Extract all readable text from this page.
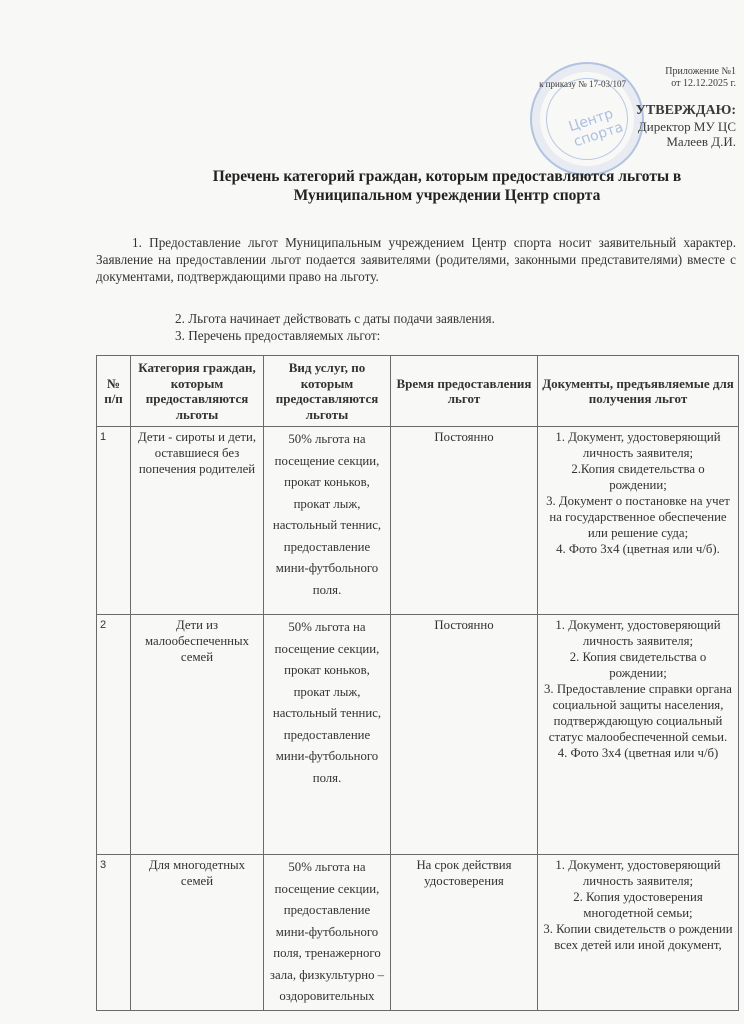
Центр спорта
Приложение №1
к приказу № 17-03/107	от 12.12.2025 г.
УТВЕРЖДАЮ:
Директор МУ ЦС
Малеев Д.И.
Перечень категорий граждан, которым предоставляются льготы в Муниципальном учреждении Центр спорта
1. Предоставление льгот Муниципальным учреждением Центр спорта носит заявительный характер. Заявление на предоставлении льгот подается заявителями (родителями, законными представителями) вместе с документами, подтверждающими право на льготу.
2. Льгота начинает действовать с даты подачи заявления.
3. Перечень предоставляемых льгот:
№ п/п	Категория граждан, которым предоставляются льготы	Вид услуг, по которым предоставляются льготы	Время предоставления льгот	Документы, предъявляемые для получения льгот
1	Дети - сироты и дети, оставшиеся без попечения родителей	50% льгота на посещение секции, прокат коньков, прокат лыж, настольный теннис, предоставление мини-футбольного поля.	Постоянно	1. Документ, удостоверяющий личность заявителя;
2.Копия свидетельства о рождении;
3. Документ о постановке на учет на государственное обеспечение или решение суда;
4. Фото 3х4 (цветная или ч/б).

2	Дети из малообеспеченных семей	50% льгота на посещение секции, прокат коньков, прокат лыж, настольный теннис, предоставление мини-футбольного поля.	Постоянно	1. Документ, удостоверяющий личность заявителя;
2. Копия свидетельства о рождении;
3. Предоставление справки органа социальной защиты населения, подтверждающую социальный статус малообеспеченной семьи.
4. Фото 3х4 (цветная или ч/б)

3	Для многодетных семей	50% льгота на посещение секции, предоставление мини-футбольного поля, тренажерного зала, физкультурно – оздоровительных	На срок действия удостоверения	1. Документ, удостоверяющий личность заявителя;
2. Копия удостоверения многодетной семьи;
3. Копии свидетельств о рождении всех детей или иной документ,
